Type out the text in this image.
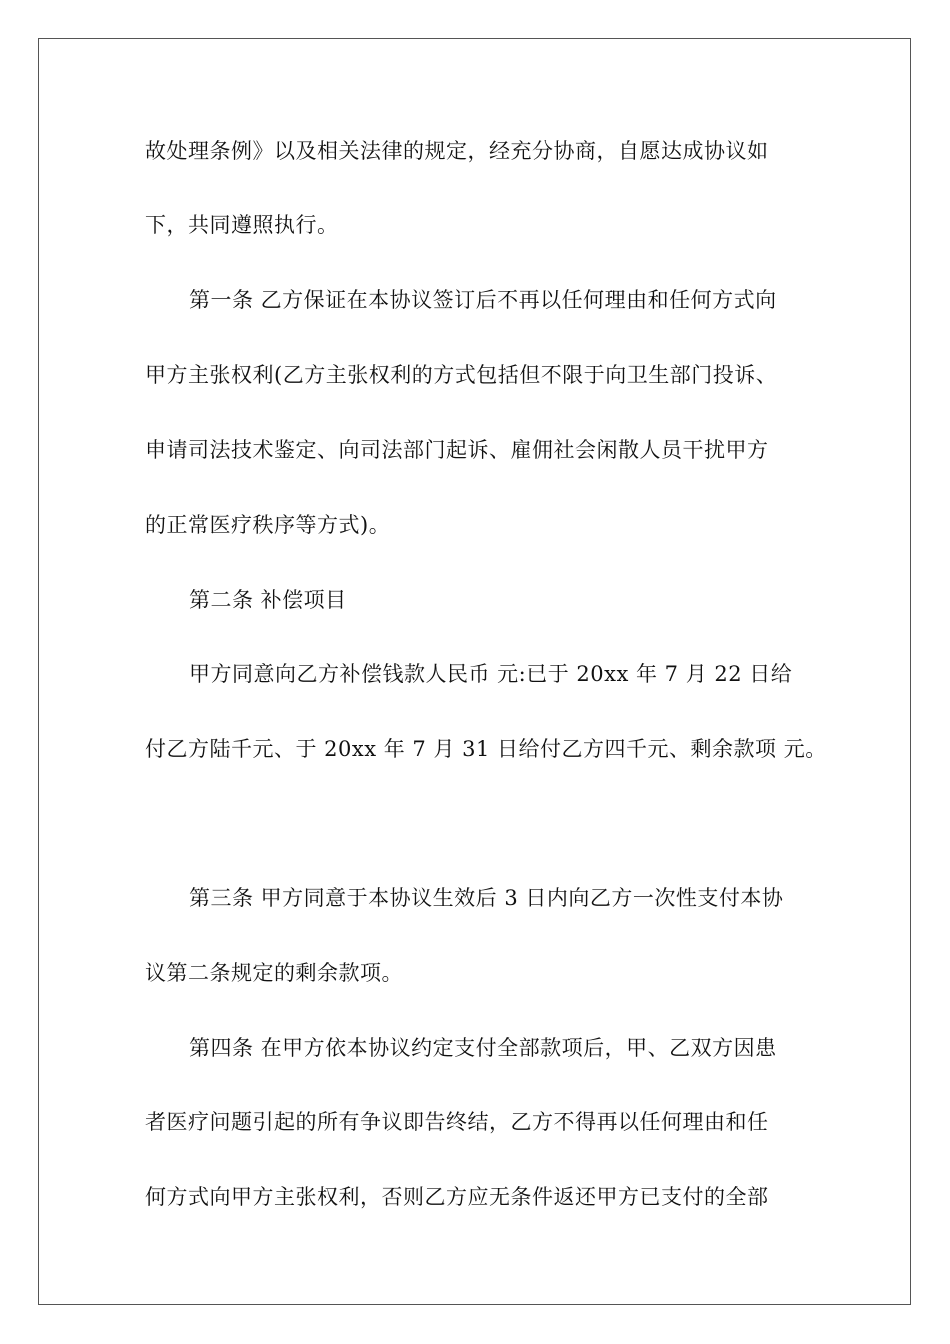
故处理条例》以及相关法律的规定，经充分协商，自愿达成协议如
下，共同遵照执行。
第一条 乙方保证在本协议签订后不再以任何理由和任何方式向
甲方主张权利(乙方主张权利的方式包括但不限于向卫生部门投诉、
申请司法技术鉴定、向司法部门起诉、雇佣社会闲散人员干扰甲方
的正常医疗秩序等方式)。
第二条 补偿项目
甲方同意向乙方补偿钱款人民币 元:已于 20xx 年 7 月 22 日给
付乙方陆千元、于 20xx 年 7 月 31 日给付乙方四千元、剩余款项 元。
第三条 甲方同意于本协议生效后 3 日内向乙方一次性支付本协
议第二条规定的剩余款项。
第四条 在甲方依本协议约定支付全部款项后，甲、乙双方因患
者医疗问题引起的所有争议即告终结，乙方不得再以任何理由和任
何方式向甲方主张权利，否则乙方应无条件返还甲方已支付的全部
